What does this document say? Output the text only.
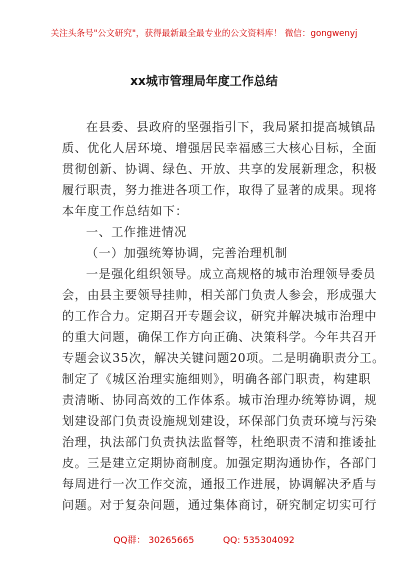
关注头条号"公文研究"，获得最新最全最专业的公文资料库！ 微信：gongwenyj
xx城市管理局年度工作总结
在县委、县政府的坚强指引下，我局紧扣提高城镇品
质、优化人居环境、增强居民幸福感三大核心目标，全面
贯彻创新、协调、绿色、开放、共享的发展新理念，积极
履行职责，努力推进各项工作，取得了显著的成果。现将
本年度工作总结如下：
一、工作推进情况
（一）加强统筹协调，完善治理机制
一是强化组织领导。成立高规格的城市治理领导委员
会，由县主要领导挂帅，相关部门负责人参会，形成强大
的工作合力。定期召开专题会议，研究并解决城市治理中
的重大问题，确保工作方向正确、决策科学。今年共召开
专题会议35次，解决关键问题20项。二是明确职责分工。
制定了《城区治理实施细则》，明确各部门职责，构建职
责清晰、协同高效的工作体系。城市治理办统筹协调，规
划建设部门负责设施规划建设，环保部门负责环境与污染
治理，执法部门负责执法监督等，杜绝职责不清和推诿扯
皮。三是建立定期协商制度。加强定期沟通协作，各部门
每周进行一次工作交流，通报工作进展，协调解决矛盾与
问题。对于复杂问题，通过集体商讨，研究制定切实可行
QQ群： 30265665	QQ: 535304092
